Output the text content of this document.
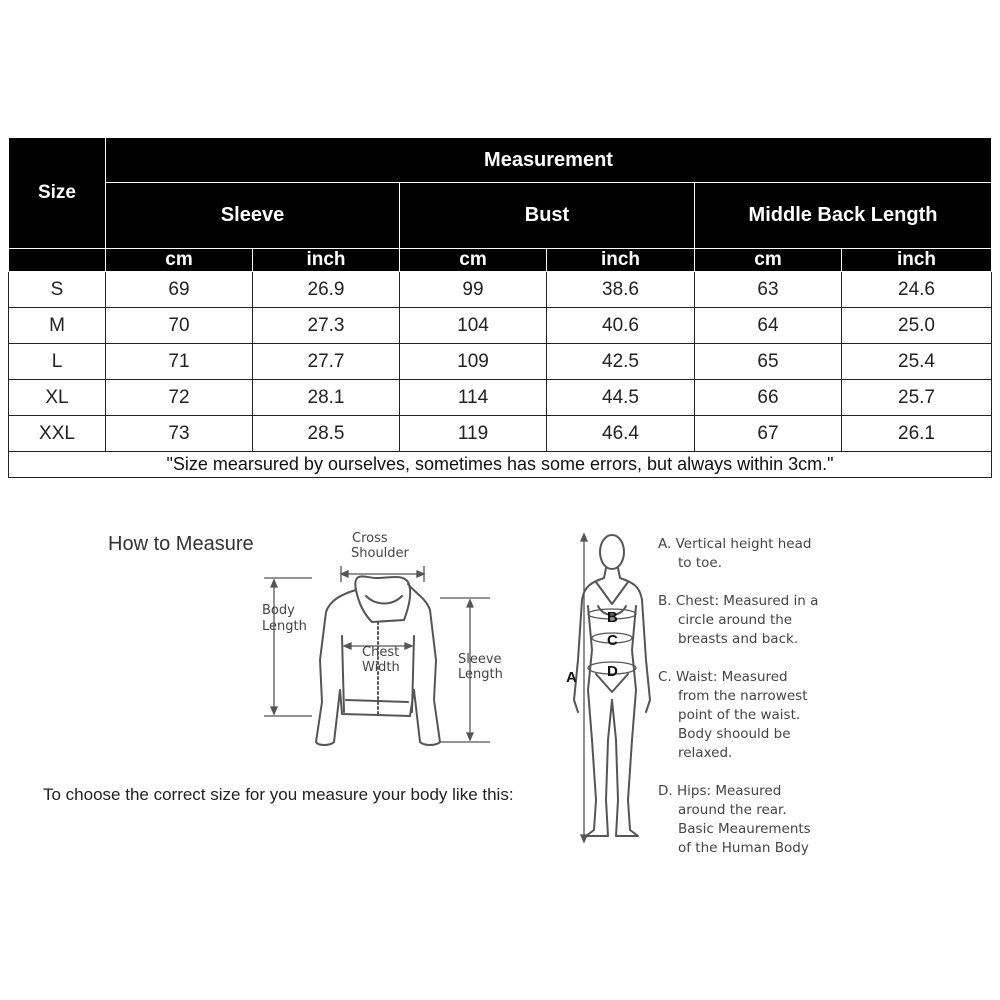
Size	Measurement					
	Sleeve		Bust		Middle Back Length	
	cm	inch	cm	inch	cm	inch
S	69	26.9	99	38.6	63	24.6
M	70	27.3	104	40.6	64	25.0
L	71	27.7	109	42.5	65	25.4
XL	72	28.1	114	44.5	66	25.7
XXL	73	28.5	119	46.4	67	26.1
"Size mearsured by ourselves, sometimes has some errors, but always within 3cm."						
How to Measure
To choose the correct size for you measure your body like this:
Cross
Shoulder
Body
Length
Chest
Width
Sleeve
Length	A
B
C
D
A. Vertical height head
to toe.
B. Chest: Measured in a
circle around the
breasts and back.
C. Waist: Measured
from the narrowest
point of the waist.
Body shoould be
relaxed.
D. Hips: Measured
around the rear.
Basic Meaurements
of the Human Body
